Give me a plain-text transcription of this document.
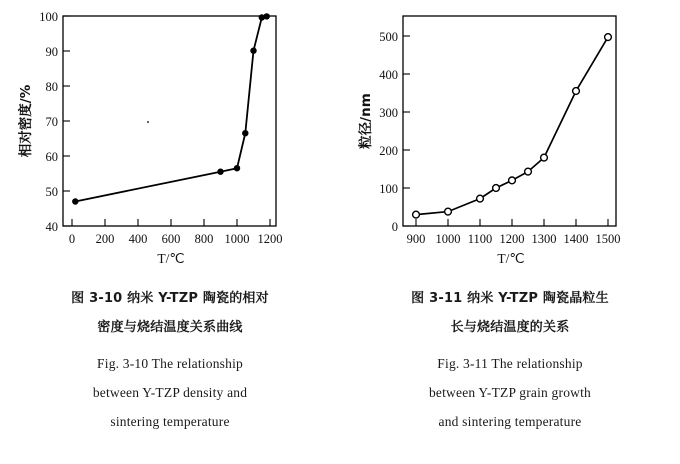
40
50
60
70
80
90
100
0 200 400 600 800 1000 1200
T/℃
相对密度/%
图 3-10 纳米 Y-TZP 陶瓷的相对
密度与烧结温度关系曲线
Fig. 3-10 The relationship
between Y-TZP density and
sintering temperature
0
100
200
300
400
500
900 1000 1100 1200 1300 1400 1500
T/℃
粒径/nm
图 3-11 纳米 Y-TZP 陶瓷晶粒生
长与烧结温度的关系
Fig. 3-11 The relationship
between Y-TZP grain growth
and sintering temperature
